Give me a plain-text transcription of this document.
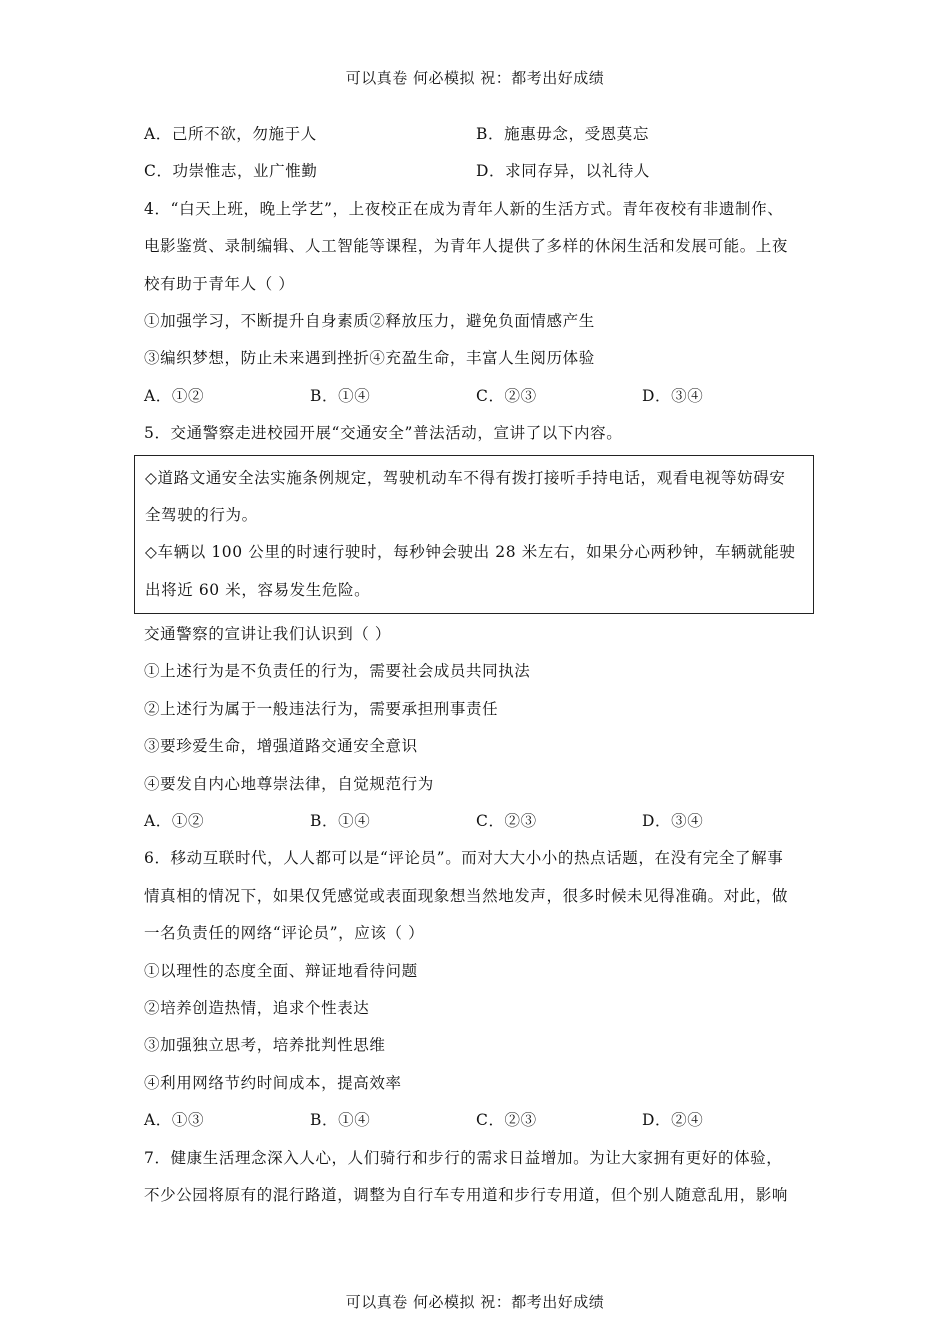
可以真卷 何必模拟 祝：都考出好成绩
A．己所不欲，勿施于人	B．施惠毋念，受恩莫忘
C．功崇惟志，业广惟勤	D．求同存异，以礼待人
4．“白天上班，晚上学艺”，上夜校正在成为青年人新的生活方式。青年夜校有非遗制作、
电影鉴赏、录制编辑、人工智能等课程，为青年人提供了多样的休闲生活和发展可能。上夜
校有助于青年人（ ）
①加强学习，不断提升自身素质②释放压力，避免负面情感产生
③编织梦想，防止未来遇到挫折④充盈生命，丰富人生阅历体验
A．①②	B．①④	C．②③	D．③④
5．交通警察走进校园开展“交通安全”普法活动，宣讲了以下内容。
◇道路文通安全法实施条例规定，驾驶机动车不得有拨打接听手持电话，观看电视等妨碍安
全驾驶的行为。
◇车辆以 100 公里的时速行驶时，每秒钟会驶出 28 米左右，如果分心两秒钟，车辆就能驶
出将近 60 米，容易发生危险。
交通警察的宣讲让我们认识到（ ）
①上述行为是不负责任的行为，需要社会成员共同执法
②上述行为属于一般违法行为，需要承担刑事责任
③要珍爱生命，增强道路交通安全意识
④要发自内心地尊崇法律，自觉规范行为
A．①②	B．①④	C．②③	D．③④
6．移动互联时代，人人都可以是“评论员”。而对大大小小的热点话题，在没有完全了解事
情真相的情况下，如果仅凭感觉或表面现象想当然地发声，很多时候未见得准确。对此，做
一名负责任的网络“评论员”，应该（ ）
①以理性的态度全面、辩证地看待问题
②培养创造热情，追求个性表达
③加强独立思考，培养批判性思维
④利用网络节约时间成本，提高效率
A．①③	B．①④	C．②③	D．②④
7．健康生活理念深入人心，人们骑行和步行的需求日益增加。为让大家拥有更好的体验，
不少公园将原有的混行路道，调整为自行车专用道和步行专用道，但个别人随意乱用，影响
可以真卷 何必模拟 祝：都考出好成绩
